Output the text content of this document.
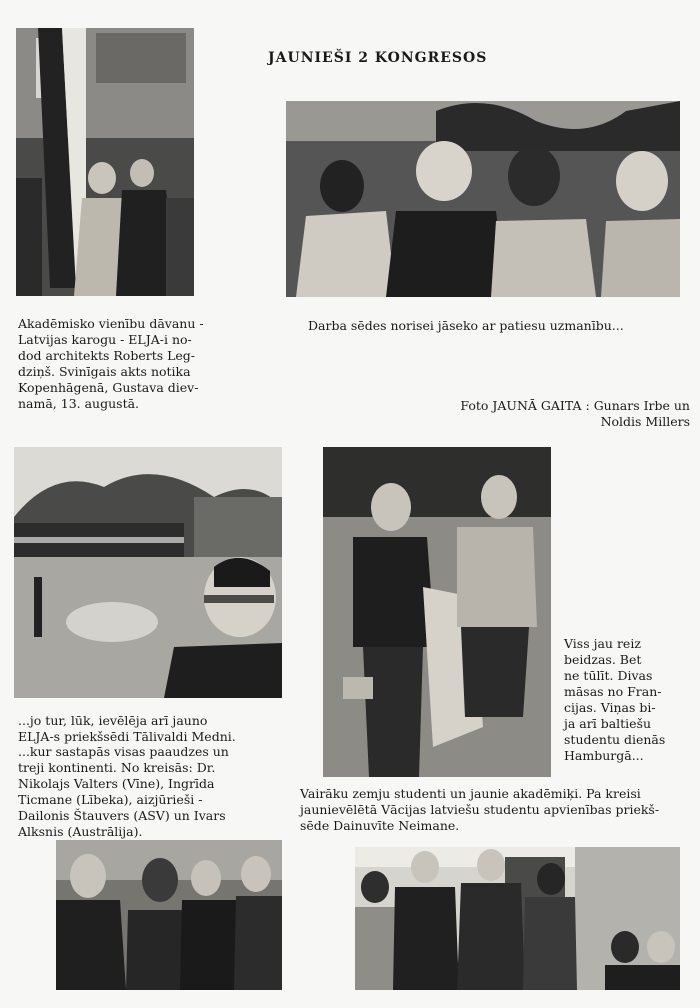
JAUNIEŠI 2 KONGRESOS

Akadēmisko vienību dāvanu -

Latvijas karogu - ELJA-i no-

dod architekts Roberts Leg-

dziņš. Svinīgais akts notika

Kopenhāgenā, Gustava diev-

namā, 13. augustā.

Darba sēdes norisei jāseko ar patiesu uzmanību...

Foto JAUNĀ GAITA : Gunars Irbe un

Noldis Millers

...jo tur, lūk, ievēlēja arī jauno

ELJA-s priekšsēdi Tālivaldi Medni.

...kur sastapās visas paaudzes un

treji kontinenti. No kreisās: Dr.

Nikolajs Valters (Vīne), Ingrīda

Ticmane (Lībeka), aizjūrieši -

Dailonis Štauvers (ASV) un Ivars

Alksnis (Austrālija).

Viss jau reiz

beidzas. Bet

ne tūlīt. Divas

māsas no Fran-

cijas. Viņas bi-

ja arī baltiešu

studentu dienās

Hamburgā...

Vairāku zemju studenti un jaunie akadēmiķi. Pa kreisi

jaunievēlētā Vācijas latviešu studentu apvienības priekš-

sēde Dainuvīte Neimane.
